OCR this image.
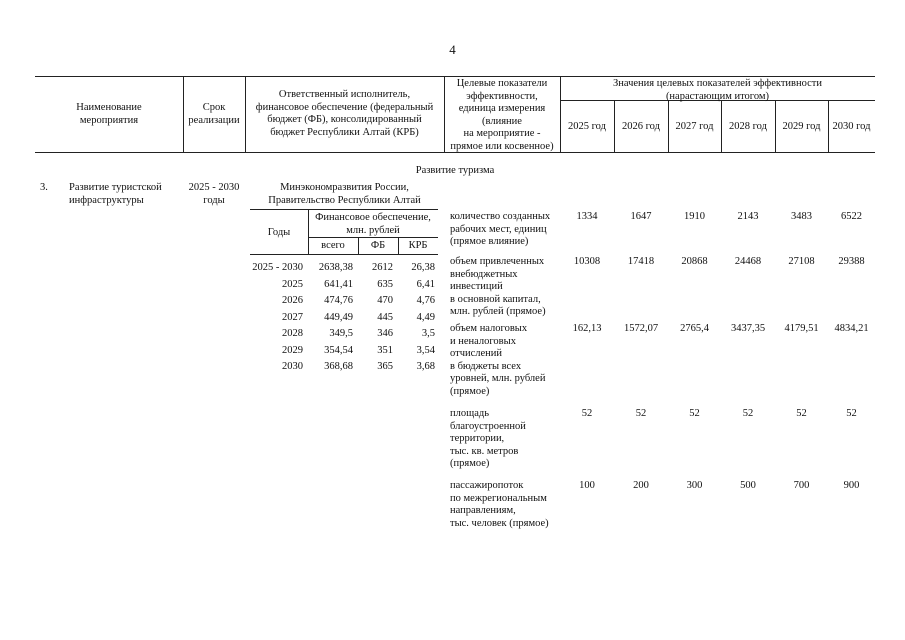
4
Наименование
мероприятия
Срок
реализации
Ответственный исполнитель,
финансовое обеспечение (федеральный
бюджет (ФБ), консолидированный
бюджет Республики Алтай (КРБ)
Целевые показатели
эффективности,
единица измерения
(влияние
на мероприятие -
прямое или косвенное)
Значения целевых показателей эффективности
(нарастающим итогом)
2025 год	2026 год	2027 год	2028 год	2029 год	2030 год
Развитие туризма
3. Развитие туристской
инфраструктуры
2025 - 2030
годы
Минэкономразвития России,
Правительство Республики Алтай
Годы
Финансовое обеспечение,
млн. рублей
всего	ФБ	КРБ
2025 - 2030	2638,38	2612	26,38
2025	641,41	635	6,41
2026	474,76	470	4,76
2027	449,49	445	4,49
2028	349,5	346	3,5
2029	354,54	351	3,54
2030	368,68	365	3,68
количество созданных
рабочих мест, единиц
(прямое влияние)
1334	1647	1910	2143	3483	6522
объем привлеченных
внебюджетных
инвестиций
в основной капитал,
млн. рублей (прямое)
10308	17418	20868	24468	27108	29388
объем налоговых
и неналоговых
отчислений
в бюджеты всех
уровней, млн. рублей
(прямое)
162,13	1572,07	2765,4	3437,35	4179,51	4834,21
площадь
благоустроенной
территории,
тыс. кв. метров
(прямое)
52	52	52	52	52	52
пассажиропоток
по межрегиональным
направлениям,
тыс. человек (прямое)
100	200	300	500	700	900
